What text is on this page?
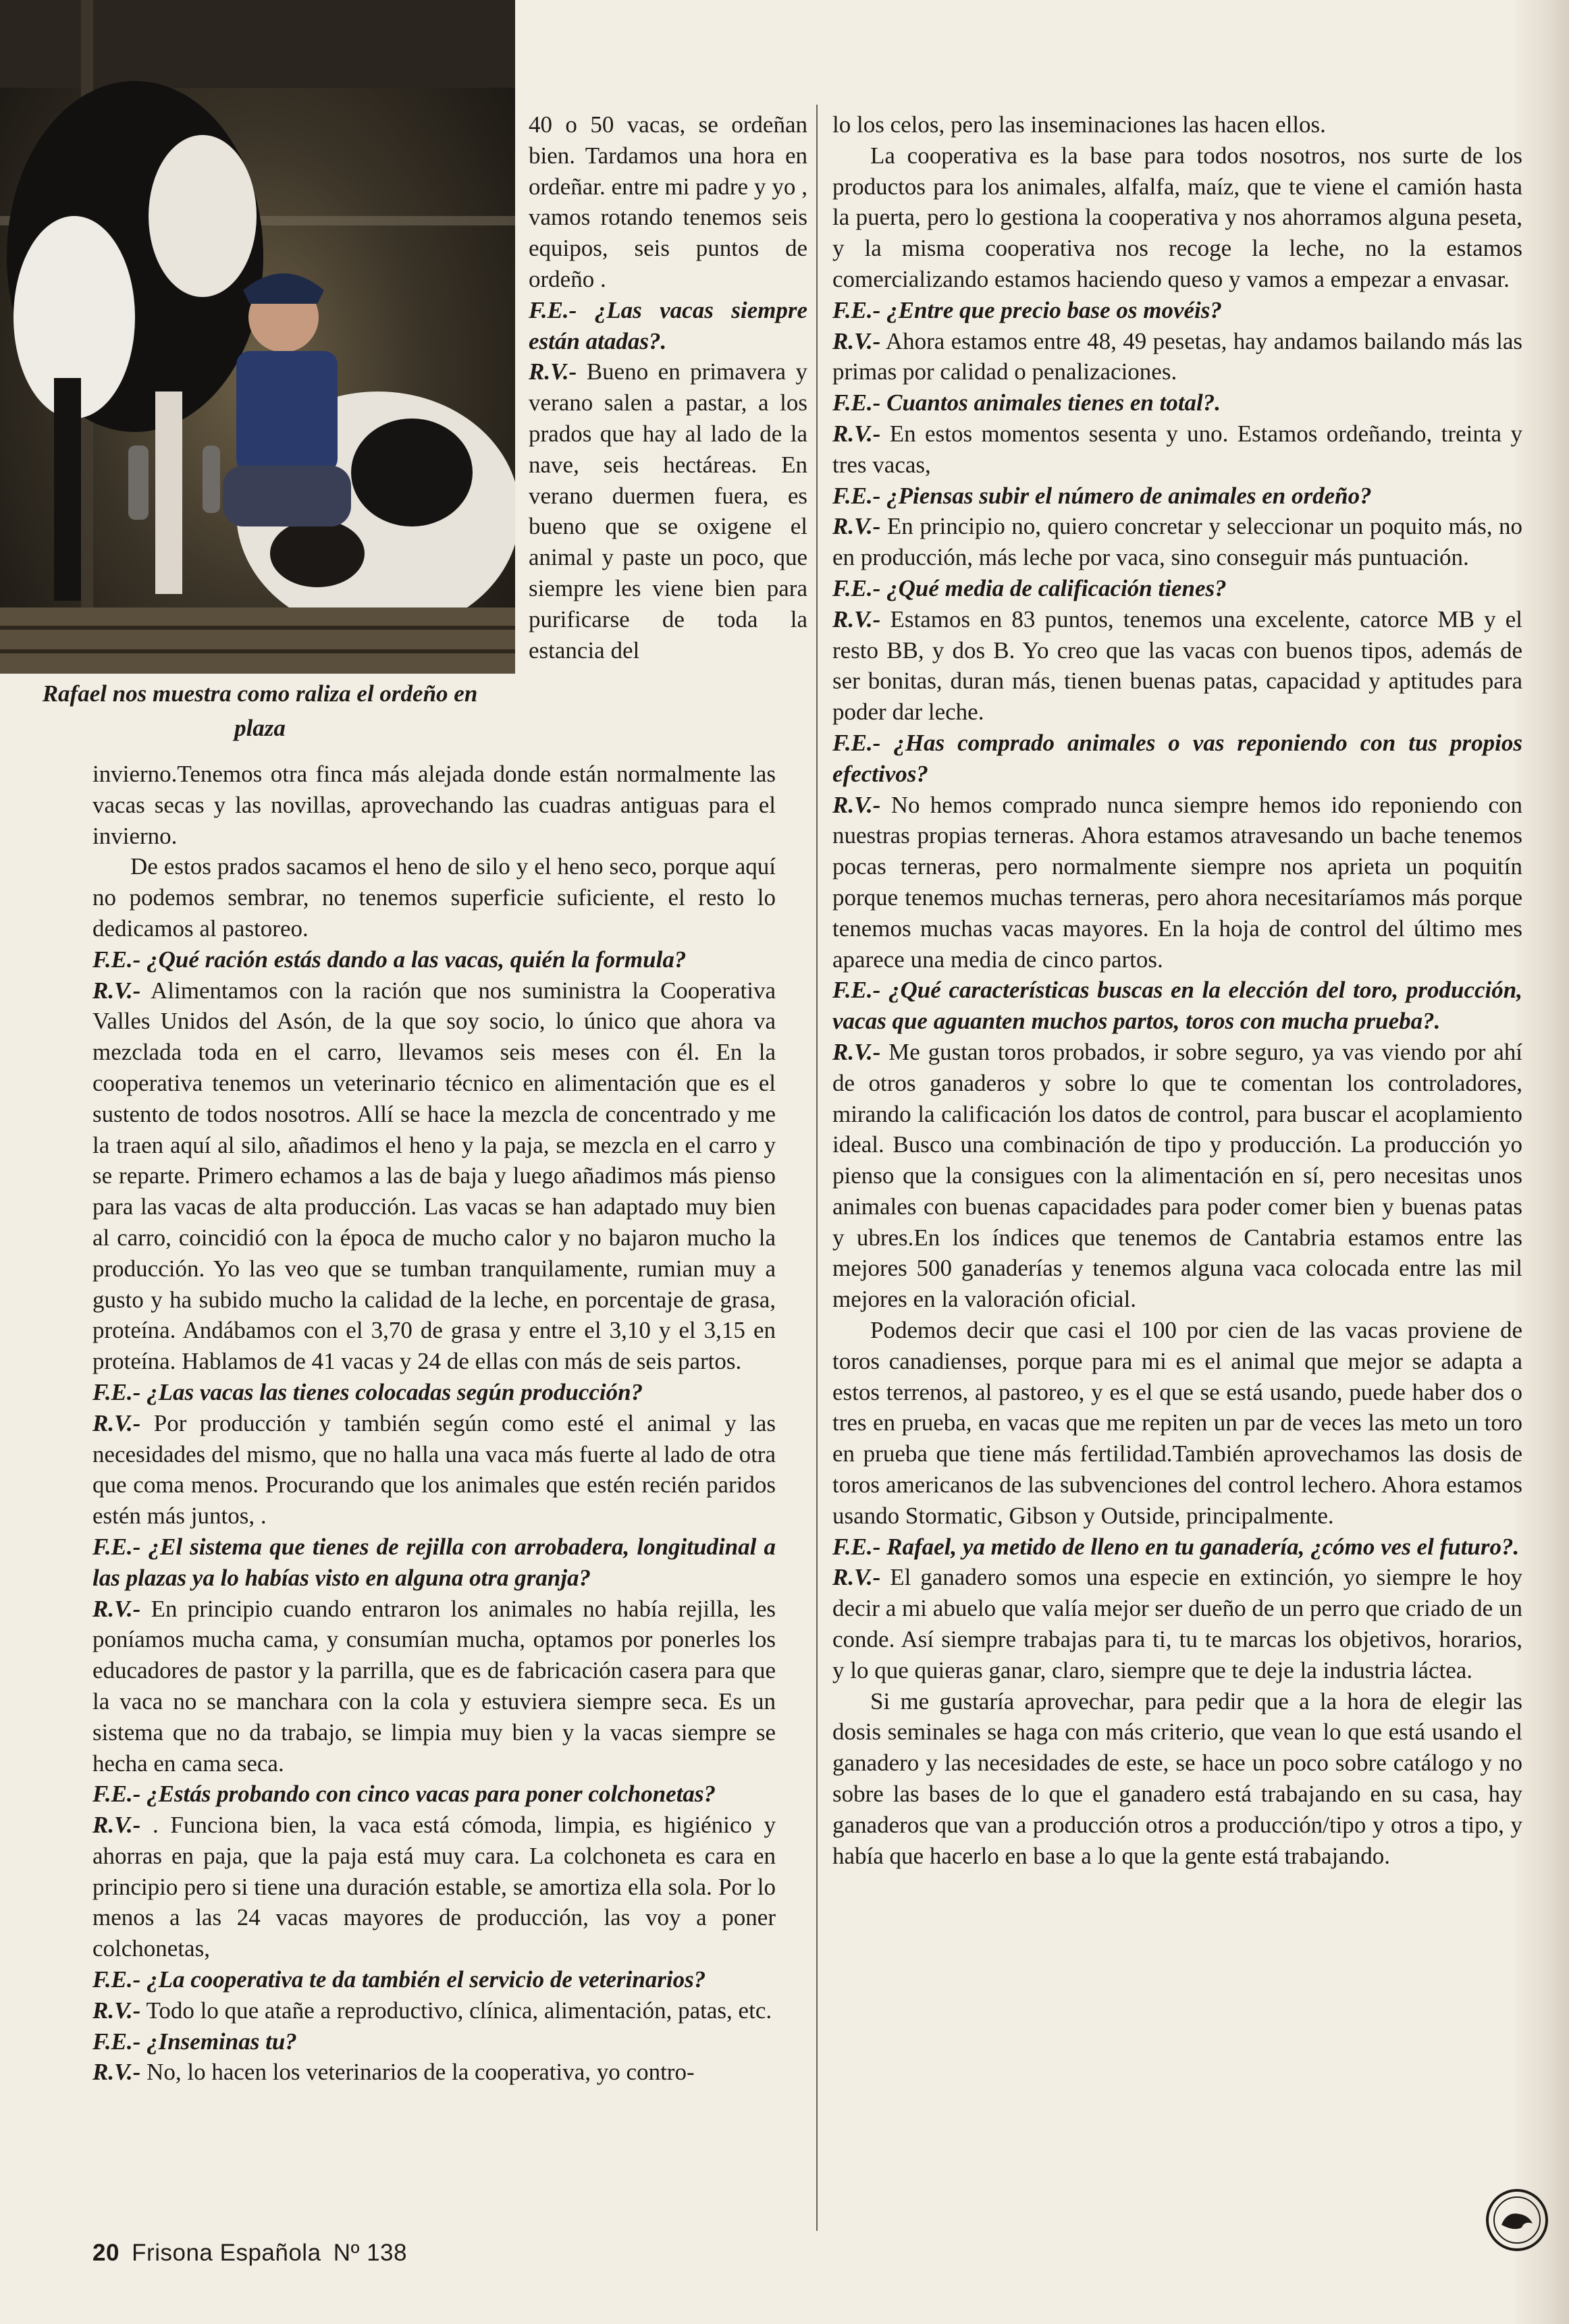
Rafael nos muestra como raliza el ordeño en plaza

40 o 50 vacas, se ordeñan bien. Tardamos una hora en ordeñar. entre mi padre y yo , vamos rotando tenemos seis equipos, seis puntos de ordeño .

F.E.- ¿Las vacas siempre están atadas?.

R.V.- Bueno en primavera y verano salen a pastar, a los prados que hay al lado de la nave, seis hectáreas. En verano duermen fuera, es bueno que se oxigene el animal y paste un poco, que siempre les viene bien para purificarse de toda la estancia del

invierno.Tenemos otra finca más alejada donde están normalmente las vacas secas y las novillas, aprovechando las cuadras antiguas para el invierno.

De estos prados sacamos el heno de silo y el heno seco, porque aquí no podemos sembrar, no tenemos superficie suficiente, el resto lo dedicamos al pastoreo.

F.E.- ¿Qué ración estás dando a las vacas, quién la formula?

R.V.- Alimentamos con la ración que nos suministra la Cooperativa Valles Unidos del Asón, de la que soy socio, lo único que ahora va mezclada toda en el carro, llevamos seis meses con él. En la cooperativa tenemos un veterinario técnico en alimentación que es el sustento de todos nosotros. Allí se hace la mezcla de concentrado y me la traen aquí al silo, añadimos el heno y la paja, se mezcla en el carro y se reparte. Primero echamos a las de baja y luego añadimos más pienso para las vacas de alta producción. Las vacas se han adaptado muy bien al carro, coincidió con la época de mucho calor y no bajaron mucho la producción. Yo las veo que se tumban tranquilamente, rumian muy a gusto y ha subido mucho la calidad de la leche, en porcentaje de grasa, proteína. Andábamos con el 3,70 de grasa y entre el 3,10 y el 3,15 en proteína. Hablamos de 41 vacas y 24 de ellas con más de seis partos.

F.E.- ¿Las vacas las tienes colocadas según producción?

R.V.- Por producción y también según como esté el animal y las necesidades del mismo, que no halla una vaca más fuerte al lado de otra que coma menos. Procurando que los animales que estén recién paridos estén más juntos, .

F.E.- ¿El sistema que tienes de rejilla con arrobadera, longitudinal a las plazas ya lo habías visto en alguna otra granja?

R.V.- En principio cuando entraron los animales no había rejilla, les poníamos mucha cama, y consumían mucha, optamos por ponerles los educadores de pastor y la parrilla, que es de fabricación casera para que la vaca no se manchara con la cola y estuviera siempre seca. Es un sistema que no da trabajo, se limpia muy bien y la vacas siempre se hecha en cama seca.

F.E.- ¿Estás probando con cinco vacas para poner colchonetas?

R.V.- . Funciona bien, la vaca está cómoda, limpia, es higiénico y ahorras en paja, que la paja está muy cara. La colchoneta es cara en principio pero si tiene una duración estable, se amortiza ella sola. Por lo menos a las 24 vacas mayores de producción, las voy a poner colchonetas,

F.E.- ¿La cooperativa te da también el servicio de veterinarios?

R.V.- Todo lo que atañe a reproductivo, clínica, alimentación, patas, etc.

F.E.- ¿Inseminas tu?

R.V.- No, lo hacen los veterinarios de la cooperativa, yo contro-

lo los celos, pero las inseminaciones las hacen ellos.

La cooperativa es la base para todos nosotros, nos surte de los productos para los animales, alfalfa, maíz, que te viene el camión hasta la puerta, pero lo gestiona la cooperativa y nos ahorramos alguna peseta, y la misma cooperativa nos recoge la leche, no la estamos comercializando estamos haciendo queso y vamos a empezar a envasar.

F.E.- ¿Entre que precio base os movéis?

R.V.- Ahora estamos entre 48, 49 pesetas, hay andamos bailando más las primas por calidad o penalizaciones.

F.E.- Cuantos animales tienes en total?.

R.V.- En estos momentos sesenta y uno. Estamos ordeñando, treinta y tres vacas,

F.E.- ¿Piensas subir el número de animales en ordeño?

R.V.- En principio no, quiero concretar y seleccionar un poquito más, no en producción, más leche por vaca, sino conseguir más puntuación.

F.E.- ¿Qué media de calificación tienes?

R.V.- Estamos en 83 puntos, tenemos una excelente, catorce MB y el resto BB, y dos B. Yo creo que las vacas con buenos tipos, además de ser bonitas, duran más, tienen buenas patas, capacidad y aptitudes para poder dar leche.

F.E.- ¿Has comprado animales o vas reponiendo con tus propios efectivos?

R.V.- No hemos comprado nunca siempre hemos ido reponiendo con nuestras propias terneras. Ahora estamos atravesando un bache tenemos pocas terneras, pero normalmente siempre nos aprieta un poquitín porque tenemos muchas terneras, pero ahora necesitaríamos más porque tenemos muchas vacas mayores. En la hoja de control del último mes aparece una media de cinco partos.

F.E.- ¿Qué características buscas en la elección del toro, producción, vacas que aguanten muchos partos, toros con mucha prueba?.

R.V.- Me gustan toros probados, ir sobre seguro, ya vas viendo por ahí de otros ganaderos y sobre lo que te comentan los controladores, mirando la calificación los datos de control, para buscar el acoplamiento ideal. Busco una combinación de tipo y producción. La producción yo pienso que la consigues con la alimentación en sí, pero necesitas unos animales con buenas capacidades para poder comer bien y buenas patas y ubres.En los índices que tenemos de Cantabria estamos entre las mejores 500 ganaderías y tenemos alguna vaca colocada entre las mil mejores en la valoración oficial.

Podemos decir que casi el 100 por cien de las vacas proviene de toros canadienses, porque para mi es el animal que mejor se adapta a estos terrenos, al pastoreo, y es el que se está usando, puede haber dos o tres en prueba, en vacas que me repiten un par de veces las meto un toro en prueba que tiene más fertilidad.También aprovechamos las dosis de toros americanos de las subvenciones del control lechero. Ahora estamos usando Stormatic, Gibson y Outside, principalmente.

F.E.- Rafael, ya metido de lleno en tu ganadería, ¿cómo ves el futuro?.

R.V.- El ganadero somos una especie en extinción, yo siempre le hoy decir a mi abuelo que valía mejor ser dueño de un perro que criado de un conde. Así siempre trabajas para ti, tu te marcas los objetivos, horarios, y lo que quieras ganar, claro, siempre que te deje la industria láctea.

Si me gustaría aprovechar, para pedir que a la hora de elegir las dosis seminales se haga con más criterio, que vean lo que está usando el ganadero y las necesidades de este, se hace un poco sobre catálogo y no sobre las bases de lo que el ganadero está trabajando en su casa, hay ganaderos que van a producción otros a producción/tipo y otros a tipo, y había que hacerlo en base a lo que la gente está trabajando.

20 Frisona Española Nº 138
